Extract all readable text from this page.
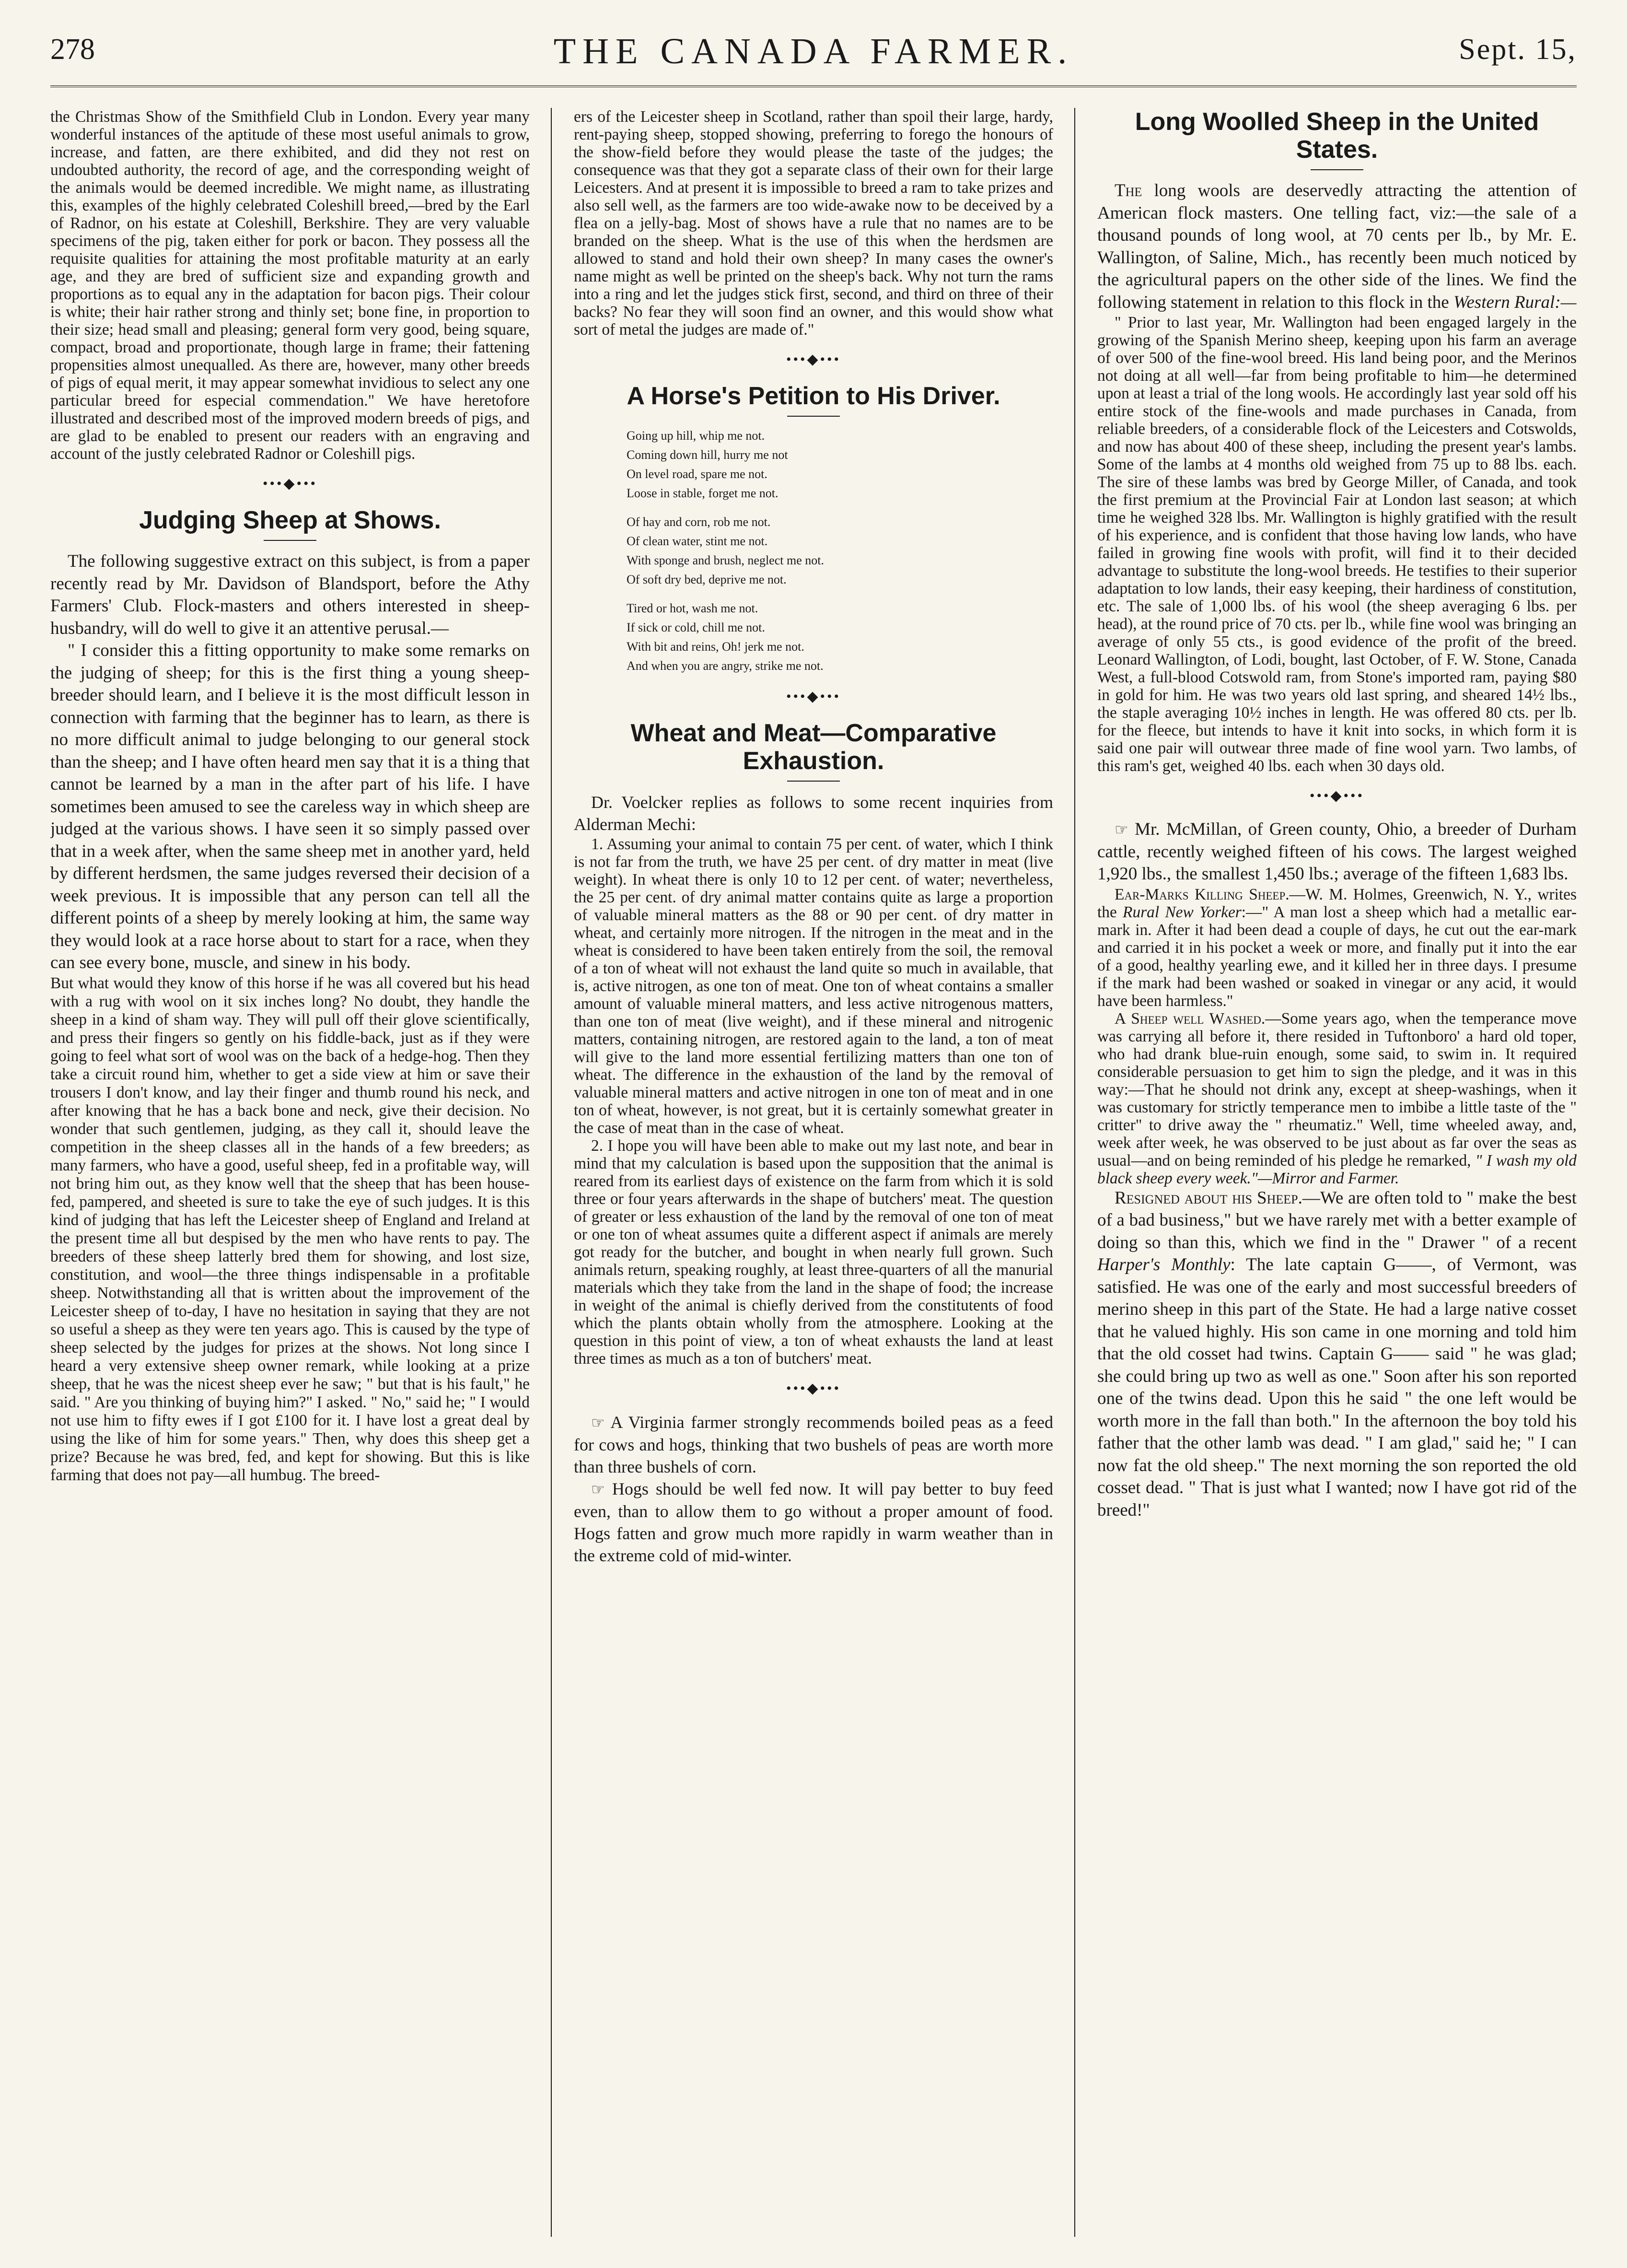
278	THE CANADA FARMER.	Sept. 15,

the Christmas Show of the Smithfield Club in London. Every year many wonderful instances of the aptitude of these most useful animals to grow, increase, and fatten, are there exhibited, and did they not rest on undoubted authority, the record of age, and the corresponding weight of the animals would be deemed incredible. We might name, as illustrating this, examples of the highly celebrated Coleshill breed,—bred by the Earl of Radnor, on his estate at Coleshill, Berkshire. They are very valuable specimens of the pig, taken either for pork or bacon. They possess all the requisite qualities for attaining the most profitable maturity at an early age, and they are bred of sufficient size and expanding growth and proportions as to equal any in the adaptation for bacon pigs. Their colour is white; their hair rather strong and thinly set; bone fine, in proportion to their size; head small and pleasing; general form very good, being square, compact, broad and proportionate, though large in frame; their fattening propensities almost unequalled. As there are, however, many other breeds of pigs of equal merit, it may appear somewhat invidious to select any one particular breed for especial commendation." We have heretofore illustrated and described most of the improved modern breeds of pigs, and are glad to be enabled to present our readers with an engraving and account of the justly celebrated Radnor or Coleshill pigs.

•••◆•••
Judging Sheep at Shows.

The following suggestive extract on this subject, is from a paper recently read by Mr. Davidson of Blandsport, before the Athy Farmers' Club. Flock-masters and others interested in sheep-husbandry, will do well to give it an attentive perusal.—

" I consider this a fitting opportunity to make some remarks on the judging of sheep; for this is the first thing a young sheep-breeder should learn, and I believe it is the most difficult lesson in connection with farming that the beginner has to learn, as there is no more difficult animal to judge belonging to our general stock than the sheep; and I have often heard men say that it is a thing that cannot be learned by a man in the after part of his life. I have sometimes been amused to see the careless way in which sheep are judged at the various shows. I have seen it so simply passed over that in a week after, when the same sheep met in another yard, held by different herdsmen, the same judges reversed their decision of a week previous. It is impossible that any person can tell all the different points of a sheep by merely looking at him, the same way they would look at a race horse about to start for a race, when they can see every bone, muscle, and sinew in his body.

But what would they know of this horse if he was all covered but his head with a rug with wool on it six inches long? No doubt, they handle the sheep in a kind of sham way. They will pull off their glove scientifically, and press their fingers so gently on his fiddle-back, just as if they were going to feel what sort of wool was on the back of a hedge-hog. Then they take a circuit round him, whether to get a side view at him or save their trousers I don't know, and lay their finger and thumb round his neck, and after knowing that he has a back bone and neck, give their decision. No wonder that such gentlemen, judging, as they call it, should leave the competition in the sheep classes all in the hands of a few breeders; as many farmers, who have a good, useful sheep, fed in a profitable way, will not bring him out, as they know well that the sheep that has been house-fed, pampered, and sheeted is sure to take the eye of such judges. It is this kind of judging that has left the Leicester sheep of England and Ireland at the present time all but despised by the men who have rents to pay. The breeders of these sheep latterly bred them for showing, and lost size, constitution, and wool—the three things indispensable in a profitable sheep. Notwithstanding all that is written about the improvement of the Leicester sheep of to-day, I have no hesitation in saying that they are not so useful a sheep as they were ten years ago. This is caused by the type of sheep selected by the judges for prizes at the shows. Not long since I heard a very extensive sheep owner remark, while looking at a prize sheep, that he was the nicest sheep ever he saw; " but that is his fault," he said. " Are you thinking of buying him?" I asked. " No," said he; " I would not use him to fifty ewes if I got £100 for it. I have lost a great deal by using the like of him for some years." Then, why does this sheep get a prize? Because he was bred, fed, and kept for showing. But this is like farming that does not pay—all humbug. The breed-

ers of the Leicester sheep in Scotland, rather than spoil their large, hardy, rent-paying sheep, stopped showing, preferring to forego the honours of the show-field before they would please the taste of the judges; the consequence was that they got a separate class of their own for their large Leicesters. And at present it is impossible to breed a ram to take prizes and also sell well, as the farmers are too wide-awake now to be deceived by a flea on a jelly-bag. Most of shows have a rule that no names are to be branded on the sheep. What is the use of this when the herdsmen are allowed to stand and hold their own sheep? In many cases the owner's name might as well be printed on the sheep's back. Why not turn the rams into a ring and let the judges stick first, second, and third on three of their backs? No fear they will soon find an owner, and this would show what sort of metal the judges are made of."

•••◆•••
A Horse's Petition to His Driver.
Going up hill, whip me not.
Coming down hill, hurry me not
On level road, spare me not.
Loose in stable, forget me not.
Of hay and corn, rob me not.
Of clean water, stint me not.
With sponge and brush, neglect me not.
Of soft dry bed, deprive me not.
Tired or hot, wash me not.
If sick or cold, chill me not.
With bit and reins, Oh! jerk me not.
And when you are angry, strike me not.
•••◆•••
Wheat and Meat—Comparative Exhaustion.

Dr. Voelcker replies as follows to some recent inquiries from Alderman Mechi:

1. Assuming your animal to contain 75 per cent. of water, which I think is not far from the truth, we have 25 per cent. of dry matter in meat (live weight). In wheat there is only 10 to 12 per cent. of water; nevertheless, the 25 per cent. of dry animal matter contains quite as large a proportion of valuable mineral matters as the 88 or 90 per cent. of dry matter in wheat, and certainly more nitrogen. If the nitrogen in the meat and in the wheat is considered to have been taken entirely from the soil, the removal of a ton of wheat will not exhaust the land quite so much in available, that is, active nitrogen, as one ton of meat. One ton of wheat contains a smaller amount of valuable mineral matters, and less active nitrogenous matters, than one ton of meat (live weight), and if these mineral and nitrogenic matters, containing nitrogen, are restored again to the land, a ton of meat will give to the land more essential fertilizing matters than one ton of wheat. The difference in the exhaustion of the land by the removal of valuable mineral matters and active nitrogen in one ton of meat and in one ton of wheat, however, is not great, but it is certainly somewhat greater in the case of meat than in the case of wheat.

2. I hope you will have been able to make out my last note, and bear in mind that my calculation is based upon the supposition that the animal is reared from its earliest days of existence on the farm from which it is sold three or four years afterwards in the shape of butchers' meat. The question of greater or less exhaustion of the land by the removal of one ton of meat or one ton of wheat assumes quite a different aspect if animals are merely got ready for the butcher, and bought in when nearly full grown. Such animals return, speaking roughly, at least three-quarters of all the manurial materials which they take from the land in the shape of food; the increase in weight of the animal is chiefly derived from the constitutents of food which the plants obtain wholly from the atmosphere. Looking at the question in this point of view, a ton of wheat exhausts the land at least three times as much as a ton of butchers' meat.

•••◆•••

☞ A Virginia farmer strongly recommends boiled peas as a feed for cows and hogs, thinking that two bushels of peas are worth more than three bushels of corn.

☞ Hogs should be well fed now. It will pay better to buy feed even, than to allow them to go without a proper amount of food. Hogs fatten and grow much more rapidly in warm weather than in the extreme cold of mid-winter.

Long Woolled Sheep in the United States.

The long wools are deservedly attracting the attention of American flock masters. One telling fact, viz:—the sale of a thousand pounds of long wool, at 70 cents per lb., by Mr. E. Wallington, of Saline, Mich., has recently been much noticed by the agricultural papers on the other side of the lines. We find the following statement in relation to this flock in the Western Rural:—

" Prior to last year, Mr. Wallington had been engaged largely in the growing of the Spanish Merino sheep, keeping upon his farm an average of over 500 of the fine-wool breed. His land being poor, and the Merinos not doing at all well—far from being profitable to him—he determined upon at least a trial of the long wools. He accordingly last year sold off his entire stock of the fine-wools and made purchases in Canada, from reliable breeders, of a considerable flock of the Leicesters and Cotswolds, and now has about 400 of these sheep, including the present year's lambs. Some of the lambs at 4 months old weighed from 75 up to 88 lbs. each. The sire of these lambs was bred by George Miller, of Canada, and took the first premium at the Provincial Fair at London last season; at which time he weighed 328 lbs. Mr. Wallington is highly gratified with the result of his experience, and is confident that those having low lands, who have failed in growing fine wools with profit, will find it to their decided advantage to substitute the long-wool breeds. He testifies to their superior adaptation to low lands, their easy keeping, their hardiness of constitution, etc. The sale of 1,000 lbs. of his wool (the sheep averaging 6 lbs. per head), at the round price of 70 cts. per lb., while fine wool was bringing an average of only 55 cts., is good evidence of the profit of the breed. Leonard Wallington, of Lodi, bought, last October, of F. W. Stone, Canada West, a full-blood Cotswold ram, from Stone's imported ram, paying $80 in gold for him. He was two years old last spring, and sheared 14½ lbs., the staple averaging 10½ inches in length. He was offered 80 cts. per lb. for the fleece, but intends to have it knit into socks, in which form it is said one pair will outwear three made of fine wool yarn. Two lambs, of this ram's get, weighed 40 lbs. each when 30 days old.

•••◆•••

☞ Mr. McMillan, of Green county, Ohio, a breeder of Durham cattle, recently weighed fifteen of his cows. The largest weighed 1,920 lbs., the smallest 1,450 lbs.; average of the fifteen 1,683 lbs.

Ear-Marks Killing Sheep.—W. M. Holmes, Greenwich, N. Y., writes the Rural New Yorker:—" A man lost a sheep which had a metallic ear-mark in. After it had been dead a couple of days, he cut out the ear-mark and carried it in his pocket a week or more, and finally put it into the ear of a good, healthy yearling ewe, and it killed her in three days. I presume if the mark had been washed or soaked in vinegar or any acid, it would have been harmless."

A Sheep well Washed.—Some years ago, when the temperance move was carrying all before it, there resided in Tuftonboro' a hard old toper, who had drank blue-ruin enough, some said, to swim in. It required considerable persuasion to get him to sign the pledge, and it was in this way:—That he should not drink any, except at sheep-washings, when it was customary for strictly temperance men to imbibe a little taste of the " critter" to drive away the " rheumatiz." Well, time wheeled away, and, week after week, he was observed to be just about as far over the seas as usual—and on being reminded of his pledge he remarked, " I wash my old black sheep every week."—Mirror and Farmer.

Resigned about his Sheep.—We are often told to " make the best of a bad business," but we have rarely met with a better example of doing so than this, which we find in the " Drawer " of a recent Harper's Monthly: The late captain G——, of Vermont, was satisfied. He was one of the early and most successful breeders of merino sheep in this part of the State. He had a large native cosset that he valued highly. His son came in one morning and told him that the old cosset had twins. Captain G—— said " he was glad; she could bring up two as well as one." Soon after his son reported one of the twins dead. Upon this he said " the one left would be worth more in the fall than both." In the afternoon the boy told his father that the other lamb was dead. " I am glad," said he; " I can now fat the old sheep." The next morning the son reported the old cosset dead. " That is just what I wanted; now I have got rid of the breed!"
